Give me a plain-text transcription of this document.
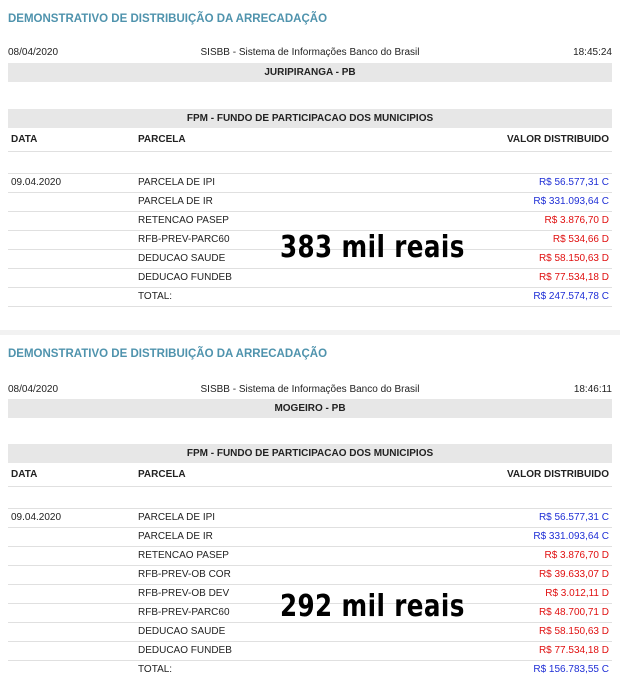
DEMONSTRATIVO DE DISTRIBUIÇÃO DA ARRECADAÇÃO
08/04/2020	SISBB - Sistema de Informações Banco do Brasil	18:45:24
JURIPIRANGA - PB
FPM - FUNDO DE PARTICIPACAO DOS MUNICIPIOS
DATA	PARCELA	VALOR DISTRIBUIDO
09.04.2020	PARCELA DE IPI	R$ 56.577,31 C
PARCELA DE IR	R$ 331.093,64 C
RETENCAO PASEP	R$ 3.876,70 D
RFB-PREV-PARC60	R$ 534,66 D
DEDUCAO SAUDE	R$ 58.150,63 D
DEDUCAO FUNDEB	R$ 77.534,18 D
TOTAL:	R$ 247.574,78 C
383 mil reais
DEMONSTRATIVO DE DISTRIBUIÇÃO DA ARRECADAÇÃO
08/04/2020	SISBB - Sistema de Informações Banco do Brasil	18:46:11
MOGEIRO - PB
FPM - FUNDO DE PARTICIPACAO DOS MUNICIPIOS
DATA	PARCELA	VALOR DISTRIBUIDO
09.04.2020	PARCELA DE IPI	R$ 56.577,31 C
PARCELA DE IR	R$ 331.093,64 C
RETENCAO PASEP	R$ 3.876,70 D
RFB-PREV-OB COR	R$ 39.633,07 D
RFB-PREV-OB DEV	R$ 3.012,11 D
RFB-PREV-PARC60	R$ 48.700,71 D
DEDUCAO SAUDE	R$ 58.150,63 D
DEDUCAO FUNDEB	R$ 77.534,18 D
TOTAL:	R$ 156.783,55 C
292 mil reais
